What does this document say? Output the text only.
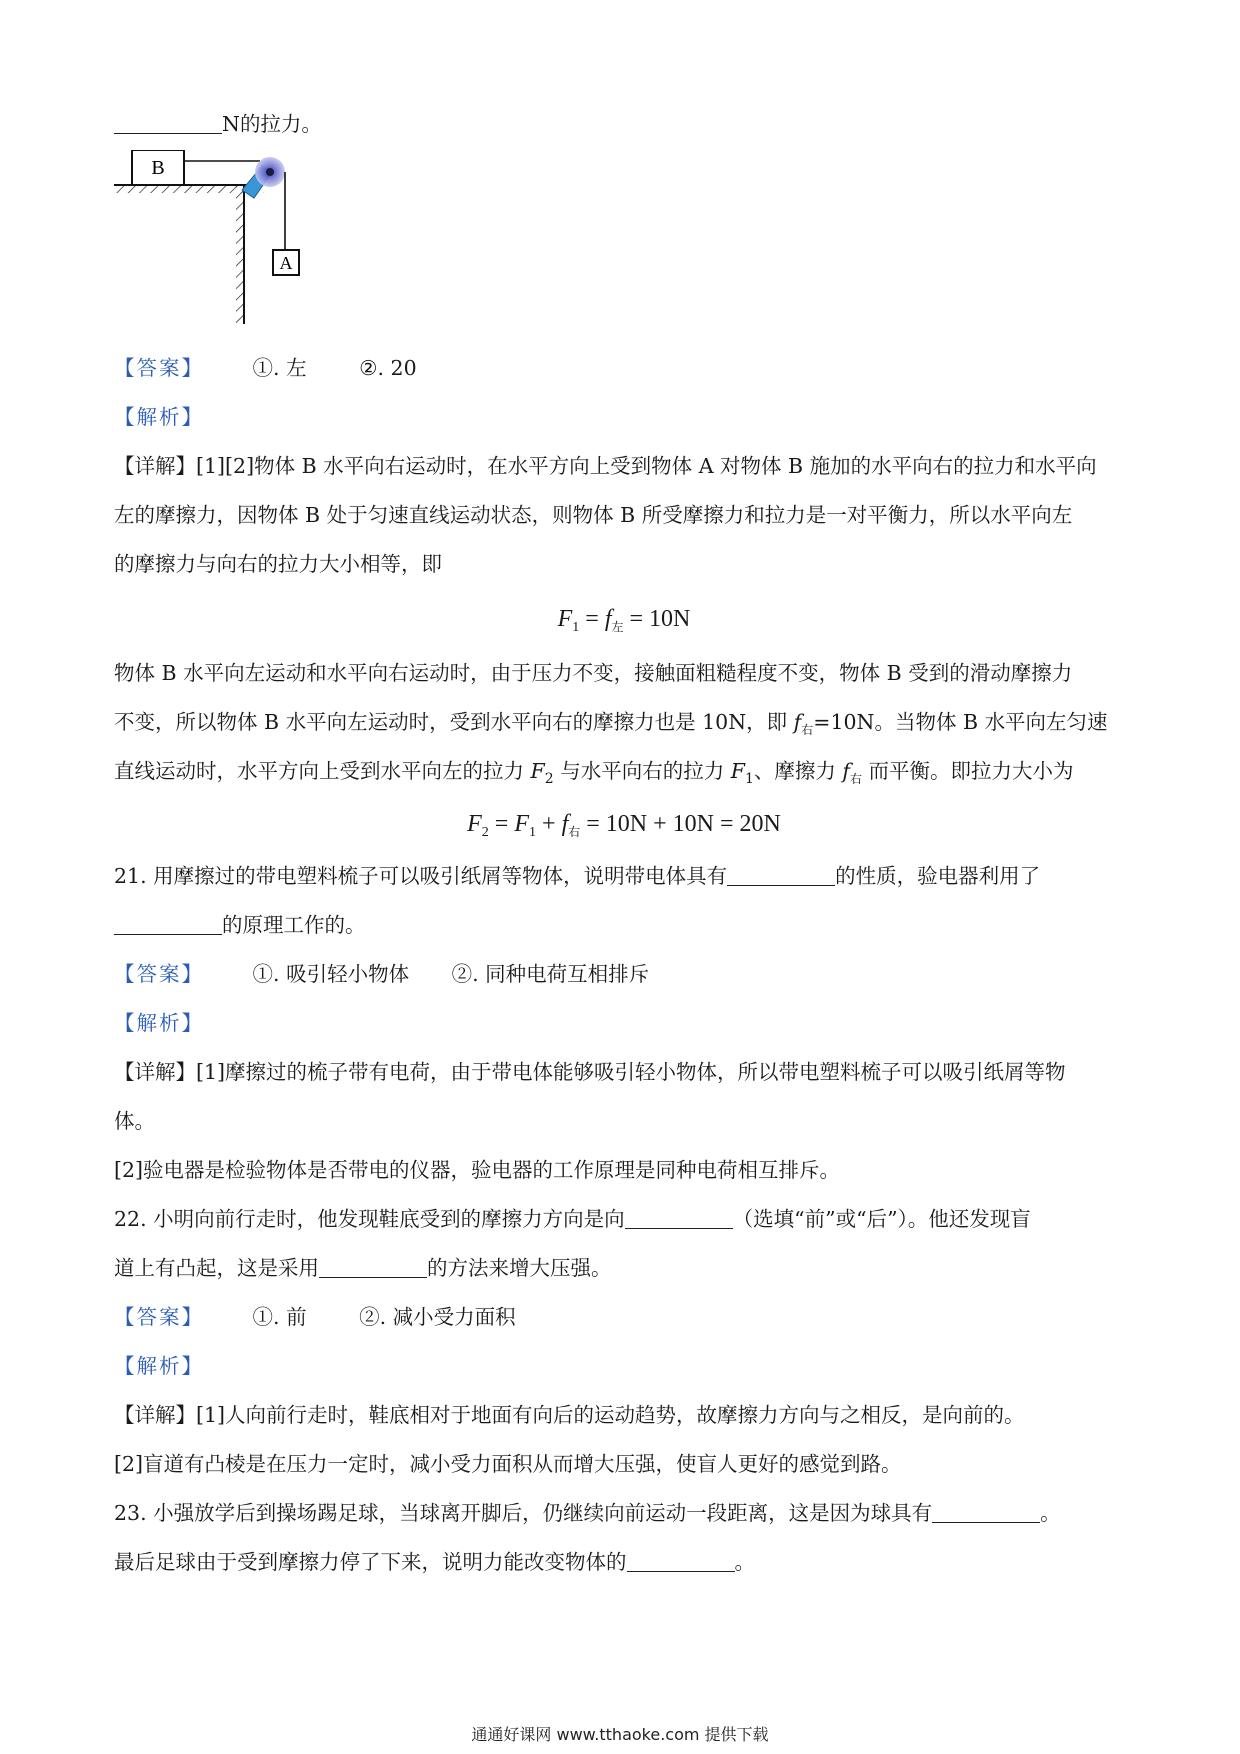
N的拉力。
【答案】 ①. 左	②. 20
【解析】
【详解】[1][2]物体 B 水平向右运动时，在水平方向上受到物体 A 对物体 B 施加的水平向右的拉力和水平向
左的摩擦力，因物体 B 处于匀速直线运动状态，则物体 B 所受摩擦力和拉力是一对平衡力，所以水平向左
的摩擦力与向右的拉力大小相等，即
$F_1 = f_左 = 10N$
物体 B 水平向左运动和水平向右运动时，由于压力不变，接触面粗糙程度不变，物体 B 受到的滑动摩擦力
不变，所以物体 B 水平向左运动时，受到水平向右的摩擦力也是 10N，即 $f_右=10N$。当物体 B 水平向左匀速
直线运动时，水平方向上受到水平向左的拉力 $F_2$ 与水平向右的拉力 $F_1$、摩擦力 $f_右$ 而平衡。即拉力大小为
$F_2 = F_1 + f_右 = 10N + 10N = 20N$
21. 用摩擦过的带电塑料梳子可以吸引纸屑等物体，说明带电体具有	的性质，验电器利用了
的原理工作的。
【答案】 ①. 吸引轻小物体 ②. 同种电荷互相排斥
【解析】
【详解】[1]摩擦过的梳子带有电荷，由于带电体能够吸引轻小物体，所以带电塑料梳子可以吸引纸屑等物
体。
[2]验电器是检验物体是否带电的仪器，验电器的工作原理是同种电荷相互排斥。
22. 小明向前行走时，他发现鞋底受到的摩擦力方向是向	（选填“前”或“后”）。他还发现盲
道上有凸起，这是采用	的方法来增大压强。
【答案】 ①. 前	②. 减小受力面积
【解析】
【详解】[1]人向前行走时，鞋底相对于地面有向后的运动趋势，故摩擦力方向与之相反，是向前的。
[2]盲道有凸棱是在压力一定时，减小受力面积从而增大压强，使盲人更好的感觉到路。
23. 小强放学后到操场踢足球，当球离开脚后，仍继续向前运动一段距离，这是因为球具有	。
最后足球由于受到摩擦力停了下来，说明力能改变物体的	。
B
A
通通好课网 www.tthaoke.com 提供下载
